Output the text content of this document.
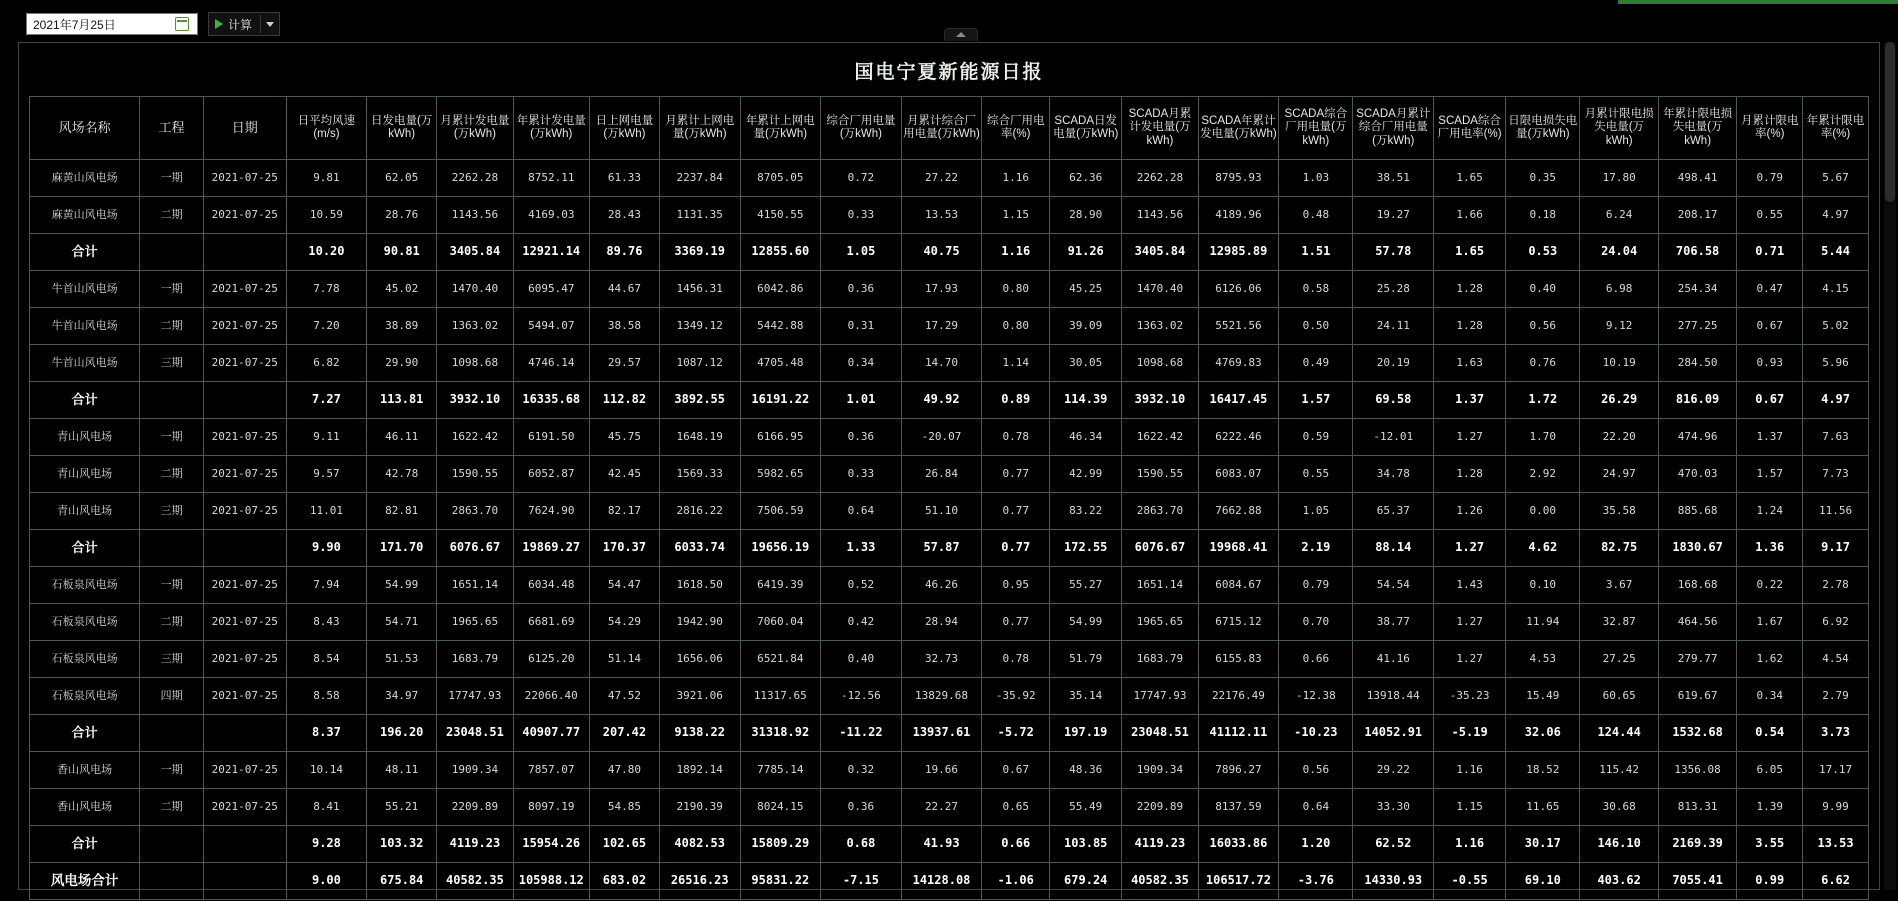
2021年7月25日
计算
国电宁夏新能源日报
风场名称	工程	日期	日平均风速(m/s)	日发电量(万kWh)	月累计发电量(万kWh)	年累计发电量(万kWh)	日上网电量(万kWh)	月累计上网电量(万kWh)	年累计上网电量(万kWh)	综合厂用电量(万kWh)	月累计综合厂用电量(万kWh)	综合厂用电率(%)	SCADA日发电量(万kWh)	SCADA月累计发电量(万kWh)	SCADA年累计发电量(万kWh)	SCADA综合厂用电量(万kWh)	SCADA月累计综合厂用电量(万kWh)	SCADA综合厂用电率(%)	日限电损失电量(万kWh)	月累计限电损失电量(万kWh)	年累计限电损失电量(万kWh)	月累计限电率(%)	年累计限电率(%)
麻黄山风电场	一期	2021-07-25	9.81	62.05	2262.28	8752.11	61.33	2237.84	8705.05	0.72	27.22	1.16	62.36	2262.28	8795.93	1.03	38.51	1.65	0.35	17.80	498.41	0.79	5.67
麻黄山风电场	二期	2021-07-25	10.59	28.76	1143.56	4169.03	28.43	1131.35	4150.55	0.33	13.53	1.15	28.90	1143.56	4189.96	0.48	19.27	1.66	0.18	6.24	208.17	0.55	4.97
合计			10.20	90.81	3405.84	12921.14	89.76	3369.19	12855.60	1.05	40.75	1.16	91.26	3405.84	12985.89	1.51	57.78	1.65	0.53	24.04	706.58	0.71	5.44
牛首山风电场	一期	2021-07-25	7.78	45.02	1470.40	6095.47	44.67	1456.31	6042.86	0.36	17.93	0.80	45.25	1470.40	6126.06	0.58	25.28	1.28	0.40	6.98	254.34	0.47	4.15
牛首山风电场	二期	2021-07-25	7.20	38.89	1363.02	5494.07	38.58	1349.12	5442.88	0.31	17.29	0.80	39.09	1363.02	5521.56	0.50	24.11	1.28	0.56	9.12	277.25	0.67	5.02
牛首山风电场	三期	2021-07-25	6.82	29.90	1098.68	4746.14	29.57	1087.12	4705.48	0.34	14.70	1.14	30.05	1098.68	4769.83	0.49	20.19	1.63	0.76	10.19	284.50	0.93	5.96
合计			7.27	113.81	3932.10	16335.68	112.82	3892.55	16191.22	1.01	49.92	0.89	114.39	3932.10	16417.45	1.57	69.58	1.37	1.72	26.29	816.09	0.67	4.97
青山风电场	一期	2021-07-25	9.11	46.11	1622.42	6191.50	45.75	1648.19	6166.95	0.36	-20.07	0.78	46.34	1622.42	6222.46	0.59	-12.01	1.27	1.70	22.20	474.96	1.37	7.63
青山风电场	二期	2021-07-25	9.57	42.78	1590.55	6052.87	42.45	1569.33	5982.65	0.33	26.84	0.77	42.99	1590.55	6083.07	0.55	34.78	1.28	2.92	24.97	470.03	1.57	7.73
青山风电场	三期	2021-07-25	11.01	82.81	2863.70	7624.90	82.17	2816.22	7506.59	0.64	51.10	0.77	83.22	2863.70	7662.88	1.05	65.37	1.26	0.00	35.58	885.68	1.24	11.56
合计			9.90	171.70	6076.67	19869.27	170.37	6033.74	19656.19	1.33	57.87	0.77	172.55	6076.67	19968.41	2.19	88.14	1.27	4.62	82.75	1830.67	1.36	9.17
石板泉风电场	一期	2021-07-25	7.94	54.99	1651.14	6034.48	54.47	1618.50	6419.39	0.52	46.26	0.95	55.27	1651.14	6084.67	0.79	54.54	1.43	0.10	3.67	168.68	0.22	2.78
石板泉风电场	二期	2021-07-25	8.43	54.71	1965.65	6681.69	54.29	1942.90	7060.04	0.42	28.94	0.77	54.99	1965.65	6715.12	0.70	38.77	1.27	11.94	32.87	464.56	1.67	6.92
石板泉风电场	三期	2021-07-25	8.54	51.53	1683.79	6125.20	51.14	1656.06	6521.84	0.40	32.73	0.78	51.79	1683.79	6155.83	0.66	41.16	1.27	4.53	27.25	279.77	1.62	4.54
石板泉风电场	四期	2021-07-25	8.58	34.97	17747.93	22066.40	47.52	3921.06	11317.65	-12.56	13829.68	-35.92	35.14	17747.93	22176.49	-12.38	13918.44	-35.23	15.49	60.65	619.67	0.34	2.79
合计			8.37	196.20	23048.51	40907.77	207.42	9138.22	31318.92	-11.22	13937.61	-5.72	197.19	23048.51	41112.11	-10.23	14052.91	-5.19	32.06	124.44	1532.68	0.54	3.73
香山风电场	一期	2021-07-25	10.14	48.11	1909.34	7857.07	47.80	1892.14	7785.14	0.32	19.66	0.67	48.36	1909.34	7896.27	0.56	29.22	1.16	18.52	115.42	1356.08	6.05	17.17
香山风电场	二期	2021-07-25	8.41	55.21	2209.89	8097.19	54.85	2190.39	8024.15	0.36	22.27	0.65	55.49	2209.89	8137.59	0.64	33.30	1.15	11.65	30.68	813.31	1.39	9.99
合计			9.28	103.32	4119.23	15954.26	102.65	4082.53	15809.29	0.68	41.93	0.66	103.85	4119.23	16033.86	1.20	62.52	1.16	30.17	146.10	2169.39	3.55	13.53
风电场合计			9.00	675.84	40582.35	105988.12	683.02	26516.23	95831.22	-7.15	14128.08	-1.06	679.24	40582.35	106517.72	-3.76	14330.93	-0.55	69.10	403.62	7055.41	0.99	6.62
